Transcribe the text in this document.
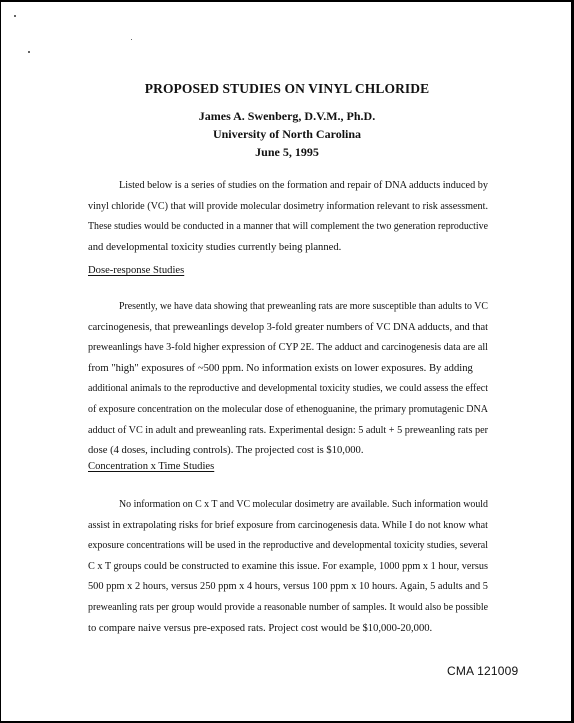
PROPOSED STUDIES ON VINYL CHLORIDE
James A. Swenberg, D.V.M., Ph.D.
University of North Carolina
June 5, 1995
Listed below is a series of studies on the formation and repair of DNA adducts induced by
vinyl chloride (VC) that will provide molecular dosimetry information relevant to risk assessment.
These studies would be conducted in a manner that will complement the two generation reproductive
and developmental toxicity studies currently being planned.
Dose-response Studies
Presently, we have data showing that preweanling rats are more susceptible than adults to VC
carcinogenesis, that preweanlings develop 3-fold greater numbers of VC DNA adducts, and that
preweanlings have 3-fold higher expression of CYP 2E. The adduct and carcinogenesis data are all
from "high" exposures of ~500 ppm. No information exists on lower exposures. By adding
additional animals to the reproductive and developmental toxicity studies, we could assess the effect
of exposure concentration on the molecular dose of ethenoguanine, the primary promutagenic DNA
adduct of VC in adult and preweanling rats. Experimental design: 5 adult + 5 preweanling rats per
dose (4 doses, including controls). The projected cost is $10,000.
Concentration x Time Studies
No information on C x T and VC molecular dosimetry are available. Such information would
assist in extrapolating risks for brief exposure from carcinogenesis data. While I do not know what
exposure concentrations will be used in the reproductive and developmental toxicity studies, several
C x T groups could be constructed to examine this issue. For example, 1000 ppm x 1 hour, versus
500 ppm x 2 hours, versus 250 ppm x 4 hours, versus 100 ppm x 10 hours. Again, 5 adults and 5
preweanling rats per group would provide a reasonable number of samples. It would also be possible
to compare naive versus pre-exposed rats. Project cost would be $10,000-20,000.
CMA 121009
